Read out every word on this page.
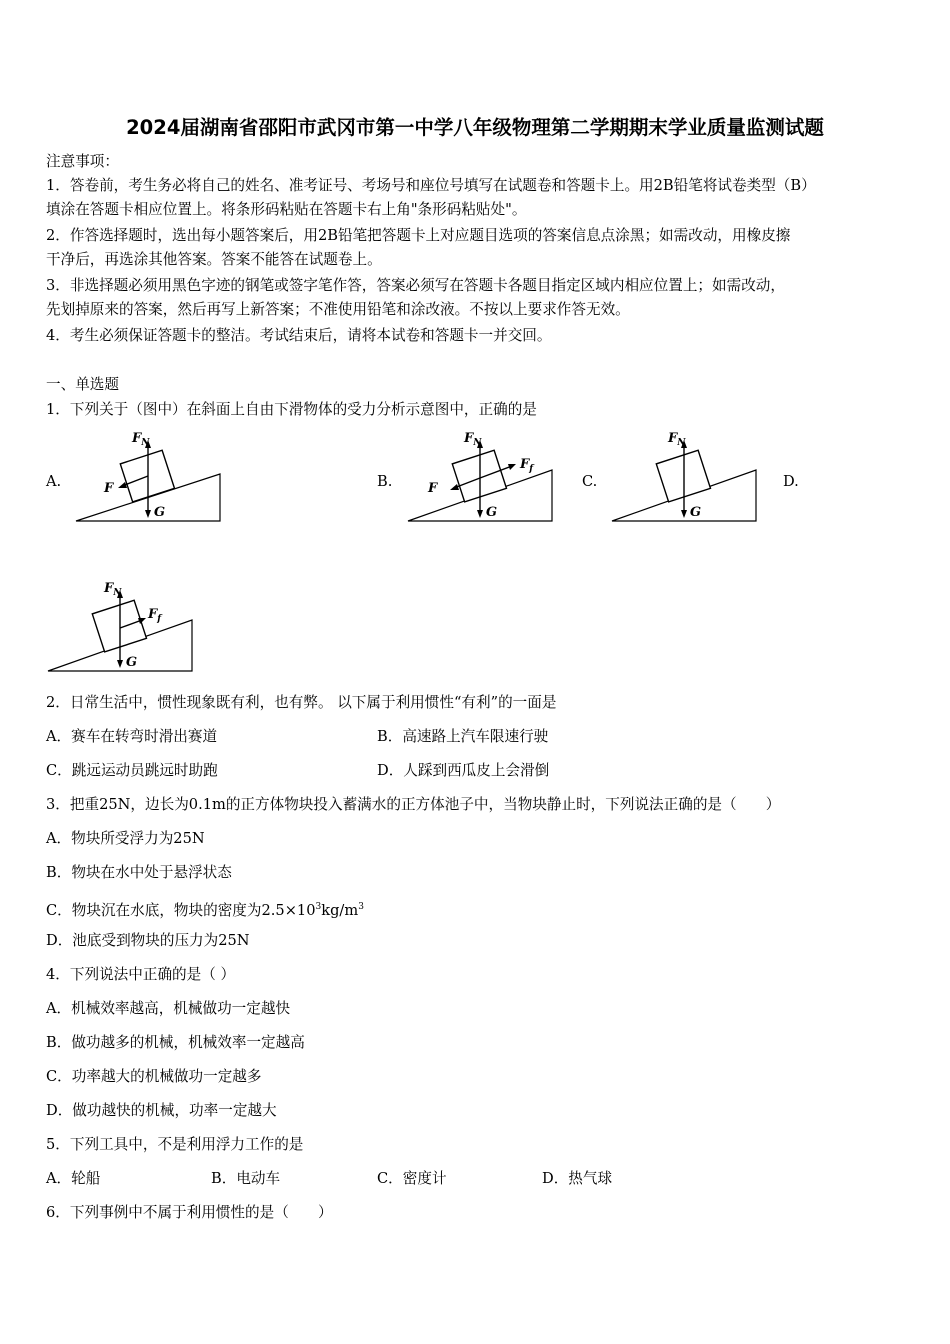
2024届湖南省邵阳市武冈市第一中学八年级物理第二学期期末学业质量监测试题
注意事项：
1．答卷前，考生务必将自己的姓名、准考证号、考场号和座位号填写在试题卷和答题卡上。用2B铅笔将试卷类型（B）
填涂在答题卡相应位置上。将条形码粘贴在答题卡右上角"条形码粘贴处"。
2．作答选择题时，选出每小题答案后，用2B铅笔把答题卡上对应题目选项的答案信息点涂黑；如需改动，用橡皮擦
干净后，再选涂其他答案。答案不能答在试题卷上。
3．非选择题必须用黑色字迹的钢笔或签字笔作答，答案必须写在答题卡各题目指定区域内相应位置上；如需改动，
先划掉原来的答案，然后再写上新答案；不准使用铅笔和涂改液。不按以上要求作答无效。
4．考生必须保证答题卡的整洁。考试结束后，请将本试卷和答题卡一并交回。
一、单选题
1．下列关于（图中）在斜面上自由下滑物体的受力分析示意图中，正确的是
A.	B.	C.	D.
$F_N$
F
G
$F_N$
F
$F_f$
G
$F_N$
G
$F_N$
$F_f$
G
2．日常生活中，惯性现象既有利，也有弊。 以下属于利用惯性“有利”的一面是
A．赛车在转弯时滑出赛道	B．高速路上汽车限速行驶
C．跳远运动员跳远时助跑	D．人踩到西瓜皮上会滑倒
3．把重25N，边长为0.1m的正方体物块投入蓄满水的正方体池子中，当物块静止时，下列说法正确的是（　　）
A．物块所受浮力为25N
B．物块在水中处于悬浮状态
C．物块沉在水底，物块的密度为$2.5\times 10^3kg/m^3$
D．池底受到物块的压力为25N
4．下列说法中正确的是（ ）
A．机械效率越高，机械做功一定越快
B．做功越多的机械，机械效率一定越高
C．功率越大的机械做功一定越多
D．做功越快的机械，功率一定越大
5．下列工具中，不是利用浮力工作的是
A．轮船	B．电动车	C．密度计	D．热气球
6．下列事例中不属于利用惯性的是（　　）
